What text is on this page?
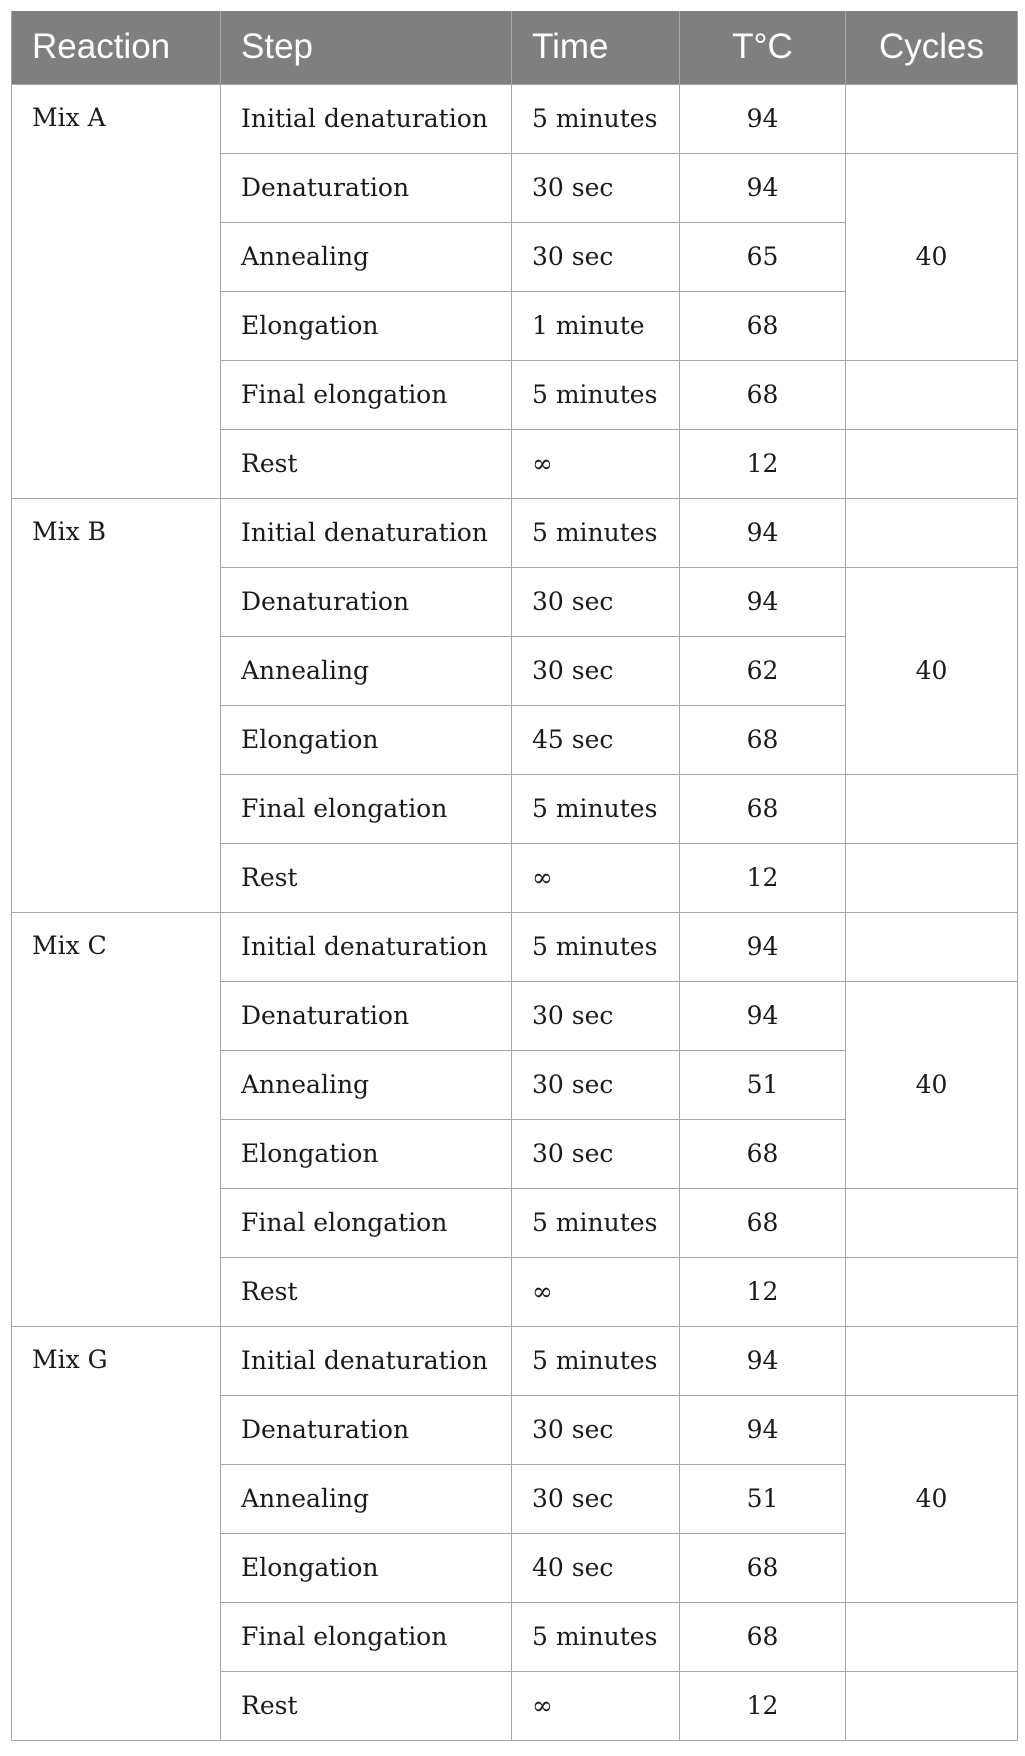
Reaction	Step	Time	T°C	Cycles
Mix A	Initial denaturation	5 minutes	94	
	Denaturation	30 sec	94	40
	Annealing	30 sec	65	
	Elongation	1 minute	68	
	Final elongation	5 minutes	68	
	Rest	∞	12	
Mix B	Initial denaturation	5 minutes	94	
	Denaturation	30 sec	94	40
	Annealing	30 sec	62	
	Elongation	45 sec	68	
	Final elongation	5 minutes	68	
	Rest	∞	12	
Mix C	Initial denaturation	5 minutes	94	
	Denaturation	30 sec	94	40
	Annealing	30 sec	51	
	Elongation	30 sec	68	
	Final elongation	5 minutes	68	
	Rest	∞	12	
Mix G	Initial denaturation	5 minutes	94	
	Denaturation	30 sec	94	40
	Annealing	30 sec	51	
	Elongation	40 sec	68	
	Final elongation	5 minutes	68	
	Rest	∞	12	
